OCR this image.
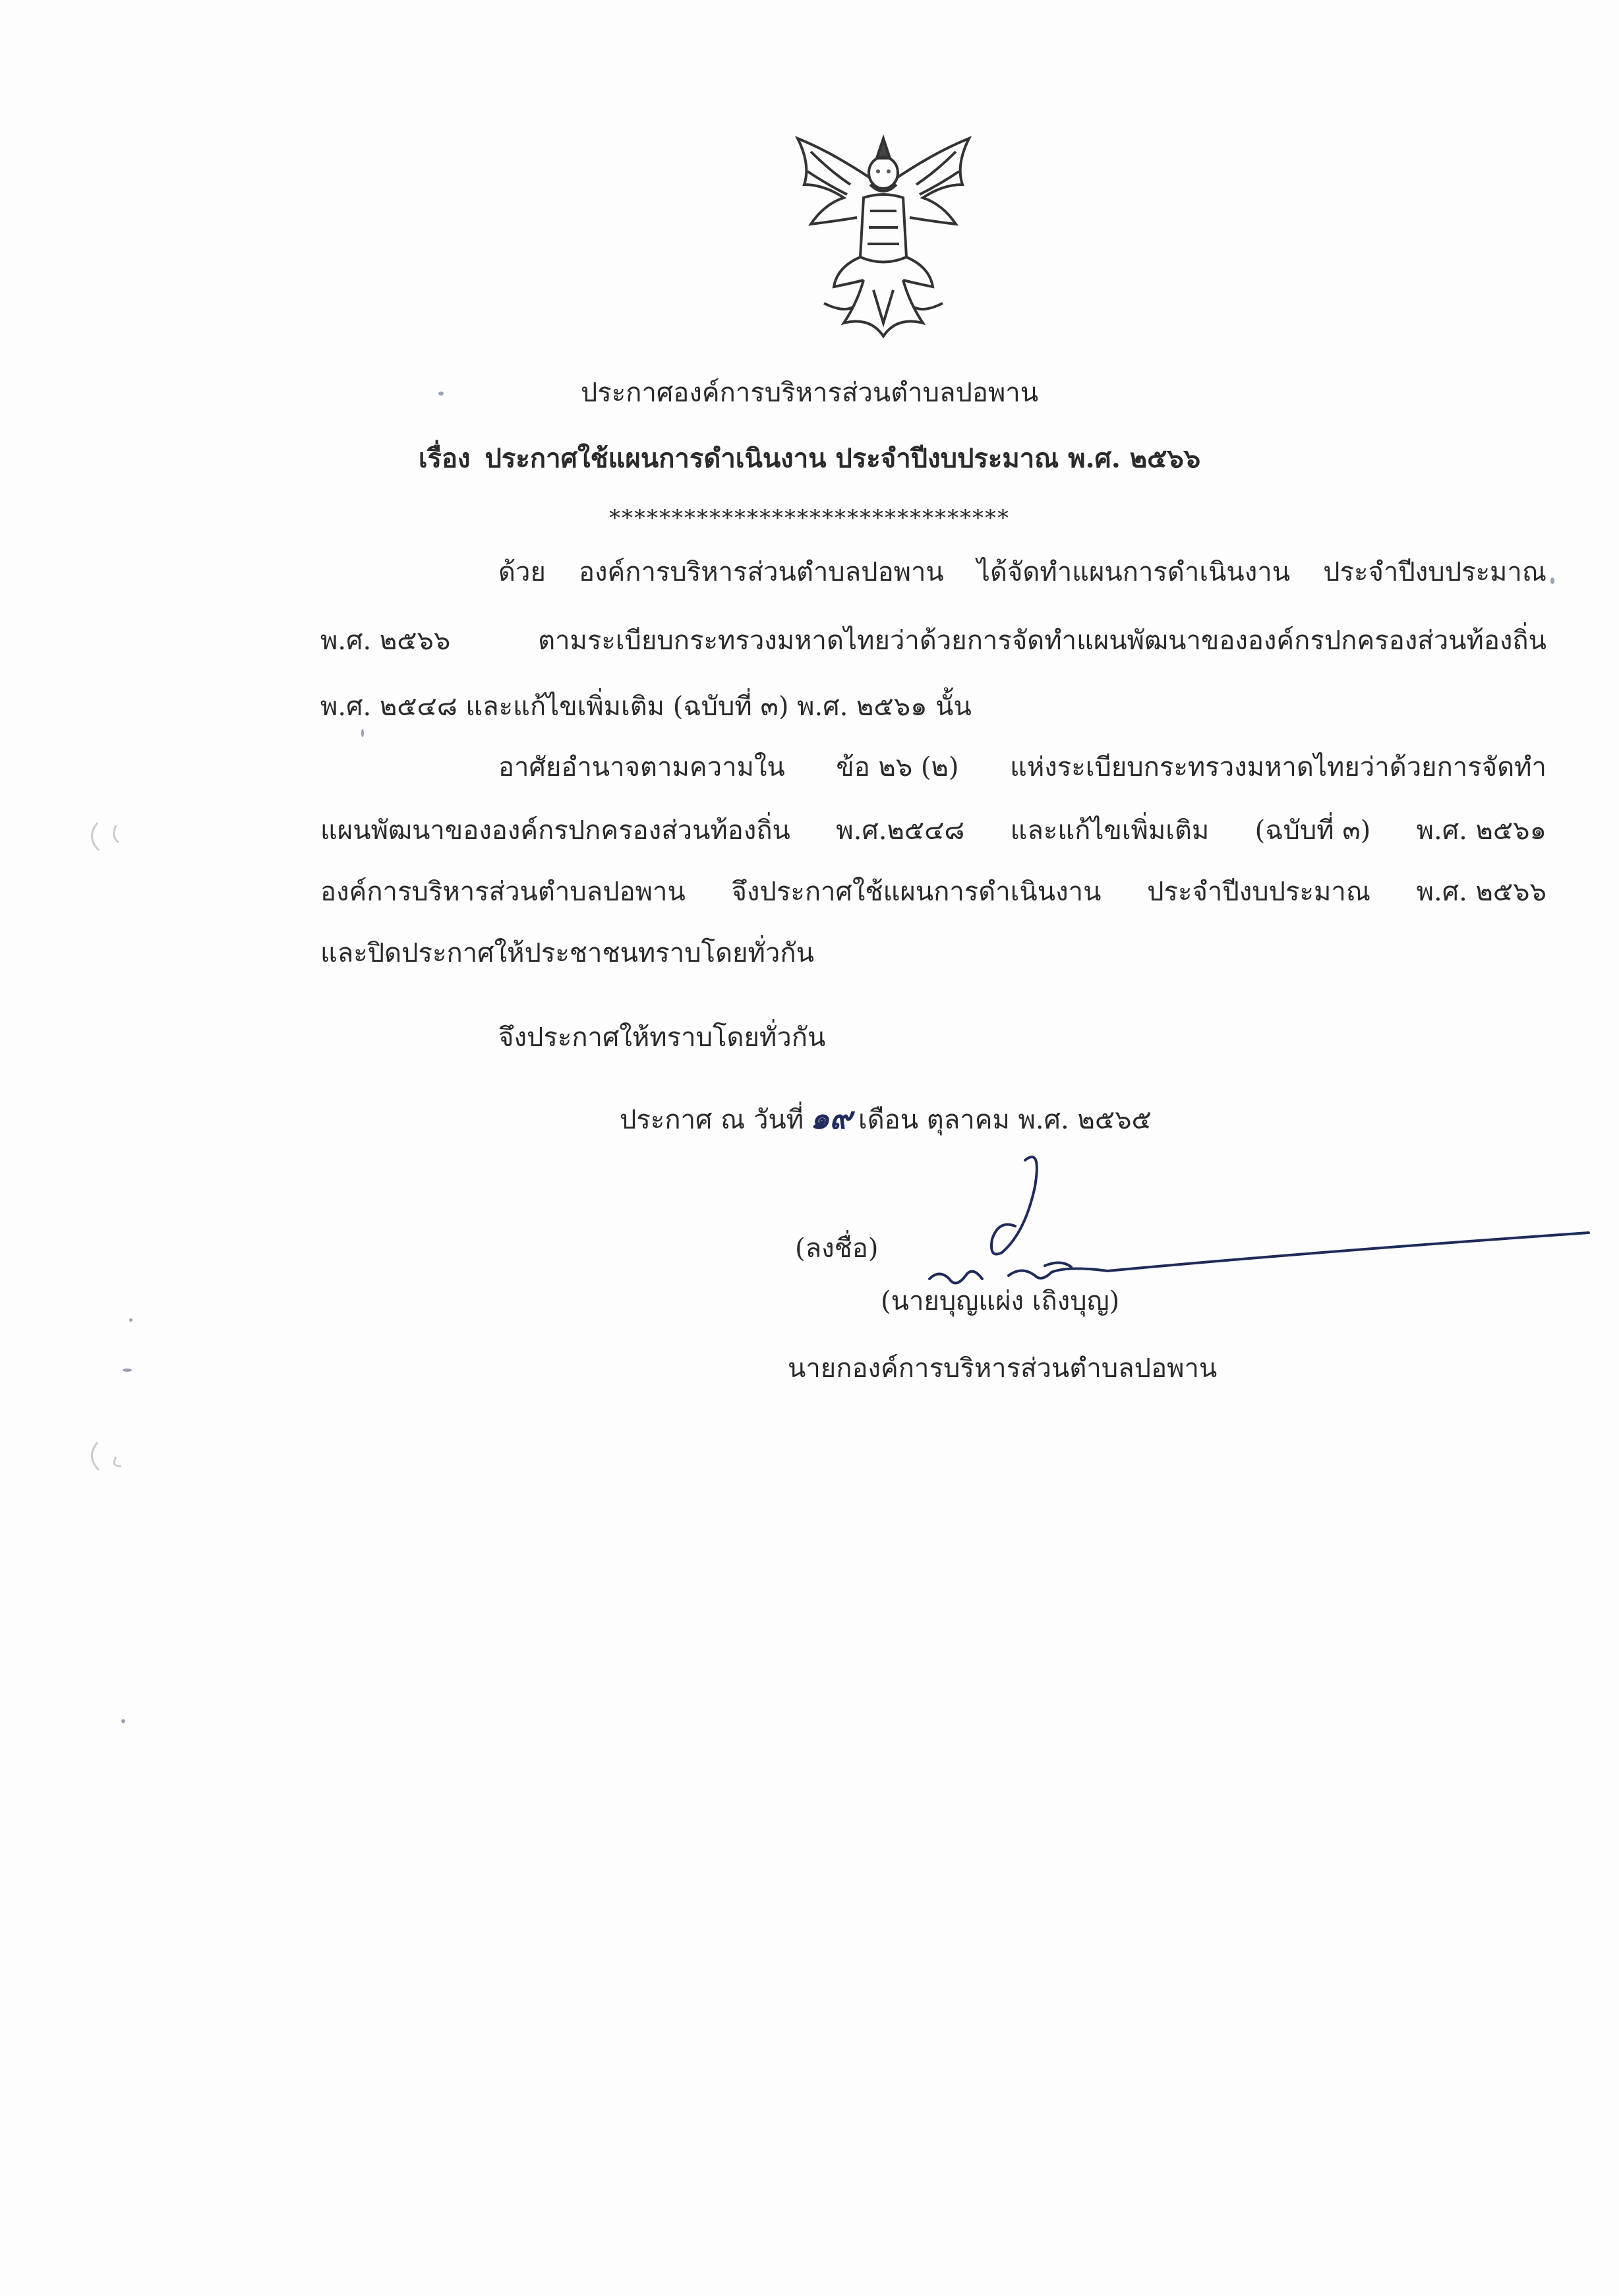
ประกาศองค์การบริหารส่วนตำบลปอพาน
เรื่อง ประกาศใช้แผนการดำเนินงาน ประจำปีงบประมาณ พ.ศ. ๒๕๖๖
********************************
ด้วย องค์การบริหารส่วนตำบลปอพาน ได้จัดทำแผนการดำเนินงาน ประจำปีงบประมาณ
พ.ศ. ๒๕๖๖	ตามระเบียบกระทรวงมหาดไทยว่าด้วยการจัดทำแผนพัฒนาขององค์กรปกครองส่วนท้องถิ่น
พ.ศ. ๒๕๔๘ และแก้ไขเพิ่มเติม (ฉบับที่ ๓) พ.ศ. ๒๕๖๑ นั้น
อาศัยอำนาจตามความใน ข้อ ๒๖ (๒) แห่งระเบียบกระทรวงมหาดไทยว่าด้วยการจัดทำ
แผนพัฒนาขององค์กรปกครองส่วนท้องถิ่น พ.ศ.๒๕๔๘ และแก้ไขเพิ่มเติม (ฉบับที่ ๓) พ.ศ. ๒๕๖๑
องค์การบริหารส่วนตำบลปอพาน จึงประกาศใช้แผนการดำเนินงาน ประจำปีงบประมาณ พ.ศ. ๒๕๖๖
และปิดประกาศให้ประชาชนทราบโดยทั่วกัน
จึงประกาศให้ทราบโดยทั่วกัน
ประกาศ ณ วันที่ ๑๙ เดือน ตุลาคม พ.ศ. ๒๕๖๕
(ลงชื่อ)
(นายบุญแผ่ง เถิงบุญ)
นายกองค์การบริหารส่วนตำบลปอพาน
